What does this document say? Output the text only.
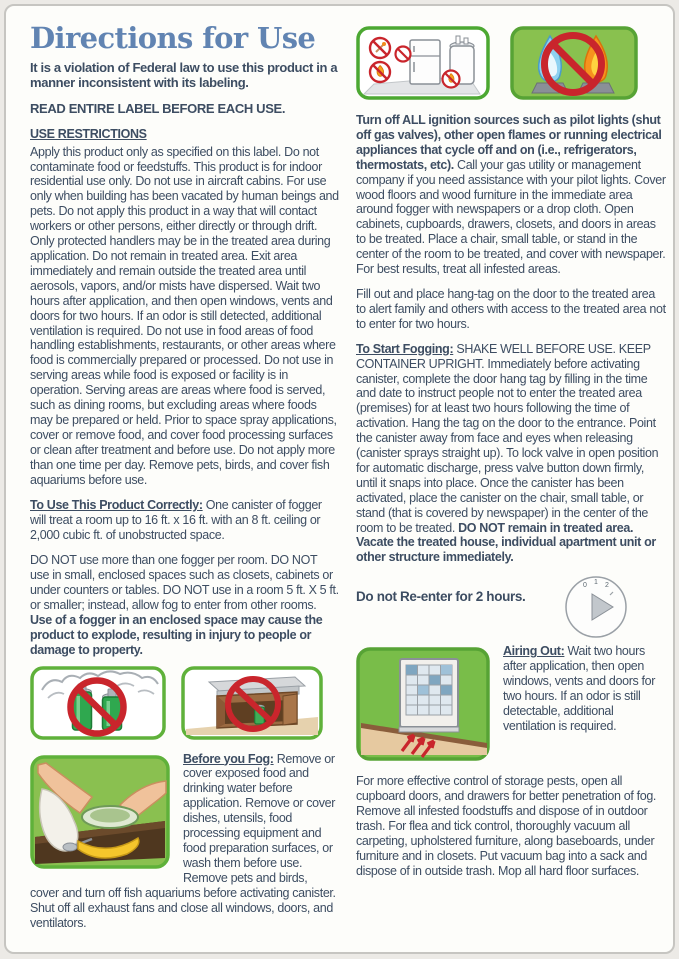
Directions for Use

It is a violation of Federal law to use this product in a manner inconsistent with its labeling.

READ ENTIRE LABEL BEFORE EACH USE.

USE RESTRICTIONS

Apply this product only as specified on this label. Do not contaminate food or feedstuffs. This product is for indoor residential use only. Do not use in aircraft cabins. For use only when building has been vacated by human beings and pets. Do not apply this product in a way that will contact workers or other persons, either directly or through drift. Only protected handlers may be in the treated area during application. Do not remain in treated area. Exit area immediately and remain outside the treated area until aerosols, vapors, and/or mists have dispersed. Wait two hours after application, and then open windows, vents and doors for two hours. If an odor is still detected, additional ventilation is required. Do not use in food areas of food handling establishments, restaurants, or other areas where food is commercially prepared or processed. Do not use in serving areas while food is exposed or facility is in operation. Serving areas are areas where food is served, such as dining rooms, but excluding areas where foods may be prepared or held. Prior to space spray applications, cover or remove food, and cover food processing surfaces or clean after treatment and before use. Do not apply more than one time per day. Remove pets, birds, and cover fish aquariums before use.

To Use This Product Correctly: One canister of fogger will treat a room up to 16 ft. x 16 ft. with an 8 ft. ceiling or 2,000 cubic ft. of unobstructed space.

DO NOT use more than one fogger per room. DO NOT use in small, enclosed spaces such as closets, cabinets or under counters or tables. DO NOT use in a room 5 ft. X 5 ft. or smaller; instead, allow fog to enter from other rooms. Use of a fogger in an enclosed space may cause the product to explode, resulting in injury to people or damage to property.

Before you Fog: Remove or cover exposed food and drinking water before application. Remove or cover dishes, utensils, food processing equipment and food preparation surfaces, or wash them before use. Remove pets and birds, cover and turn off fish aquariums before activating canister. Shut off all exhaust fans and close all windows, doors, and ventilators.

Turn off ALL ignition sources such as pilot lights (shut off gas valves), other open flames or running electrical appliances that cycle off and on (i.e., refrigerators, thermostats, etc). Call your gas utility or management company if you need assistance with your pilot lights. Cover wood floors and wood furniture in the immediate area around fogger with newspapers or a drop cloth. Open cabinets, cupboards, drawers, closets, and doors in areas to be treated. Place a chair, small table, or stand in the center of the room to be treated, and cover with newspaper. For best results, treat all infested areas.

Fill out and place hang-tag on the door to the treated area to alert family and others with access to the treated area not to enter for two hours.

To Start Fogging: SHAKE WELL BEFORE USE. KEEP CONTAINER UPRIGHT. Immediately before activating canister, complete the door hang tag by filling in the time and date to instruct people not to enter the treated area (premises) for at least two hours following the time of activation. Hang the tag on the door to the entrance. Point the canister away from face and eyes when releasing (canister sprays straight up). To lock valve in open position for automatic discharge, press valve button down firmly, until it snaps into place. Once the canister has been activated, place the canister on the chair, small table, or stand (that is covered by newspaper) in the center of the room to be treated. DO NOT remain in treated area. Vacate the treated house, individual apartment unit or other structure immediately.

Do not Re-enter for 2 hours.

0 1 2

Airing Out: Wait two hours after application, then open windows, vents and doors for two hours. If an odor is still detectable, additional ventilation is required.

For more effective control of storage pests, open all cupboard doors, and drawers for better penetration of fog. Remove all infested foodstuffs and dispose of in outdoor trash. For flea and tick control, thoroughly vacuum all carpeting, upholstered furniture, along baseboards, under furniture and in closets. Put vacuum bag into a sack and dispose of in outside trash. Mop all hard floor surfaces.
